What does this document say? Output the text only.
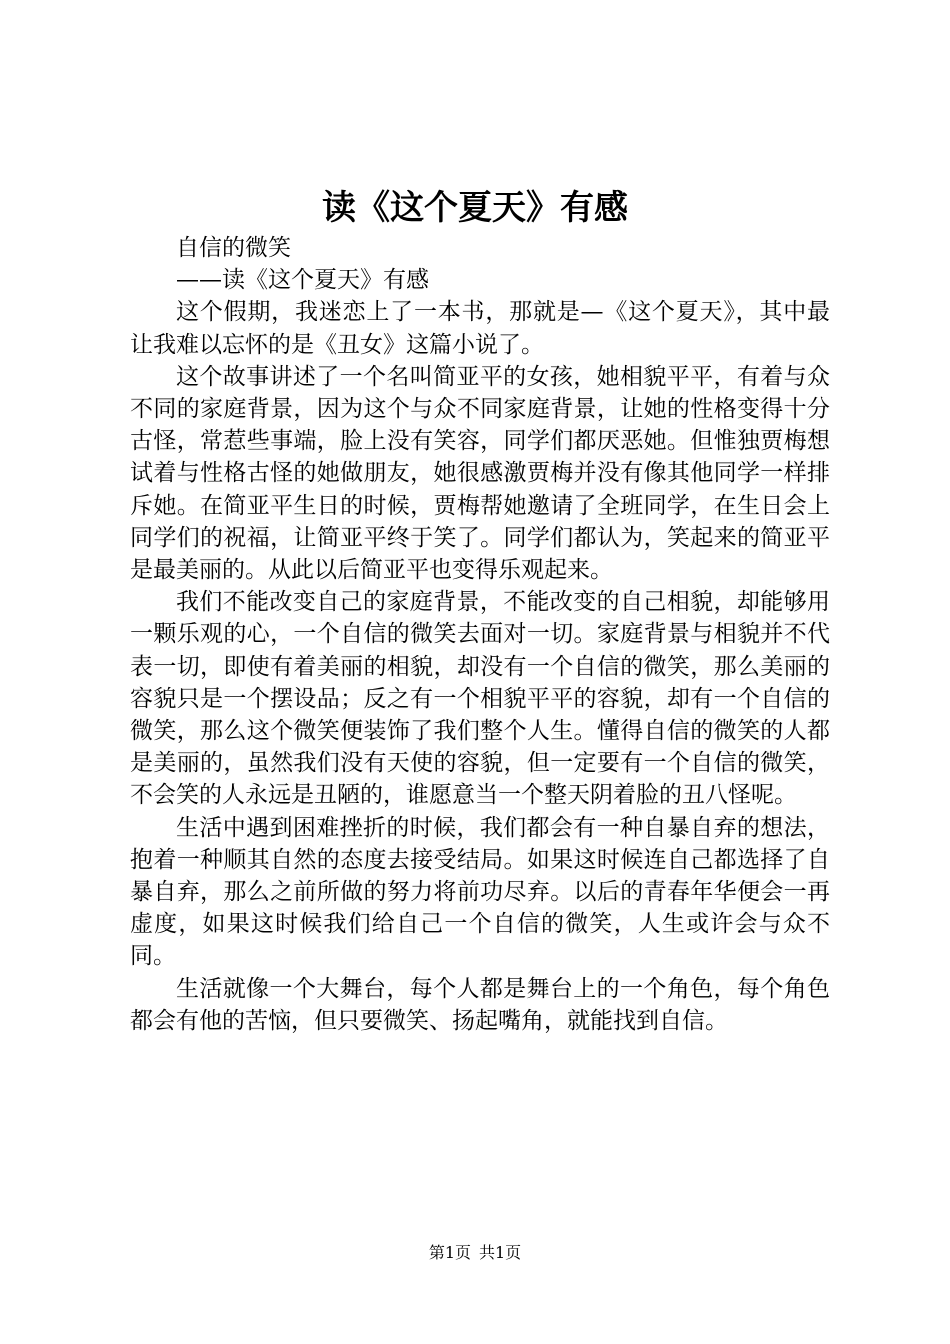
读《这个夏天》有感

自信的微笑

——读《这个夏天》有感

这个假期，我迷恋上了一本书，那就是—《这个夏天》，其中最让我难以忘怀的是《丑女》这篇小说了。

这个故事讲述了一个名叫简亚平的女孩，她相貌平平，有着与众不同的家庭背景，因为这个与众不同家庭背景，让她的性格变得十分古怪，常惹些事端，脸上没有笑容，同学们都厌恶她。但惟独贾梅想试着与性格古怪的她做朋友，她很感激贾梅并没有像其他同学一样排斥她。在简亚平生日的时候，贾梅帮她邀请了全班同学，在生日会上同学们的祝福，让简亚平终于笑了。同学们都认为，笑起来的简亚平是最美丽的。从此以后简亚平也变得乐观起来。

我们不能改变自己的家庭背景，不能改变的自己相貌，却能够用一颗乐观的心，一个自信的微笑去面对一切。家庭背景与相貌并不代表一切，即使有着美丽的相貌，却没有一个自信的微笑，那么美丽的容貌只是一个摆设品；反之有一个相貌平平的容貌，却有一个自信的微笑，那么这个微笑便装饰了我们整个人生。懂得自信的微笑的人都是美丽的，虽然我们没有天使的容貌，但一定要有一个自信的微笑，不会笑的人永远是丑陋的，谁愿意当一个整天阴着脸的丑八怪呢。

生活中遇到困难挫折的时候，我们都会有一种自暴自弃的想法，抱着一种顺其自然的态度去接受结局。如果这时候连自己都选择了自暴自弃，那么之前所做的努力将前功尽弃。以后的青春年华便会一再虚度，如果这时候我们给自己一个自信的微笑，人生或许会与众不同。

生活就像一个大舞台，每个人都是舞台上的一个角色，每个角色都会有他的苦恼，但只要微笑、扬起嘴角，就能找到自信。

第1页 共1页
